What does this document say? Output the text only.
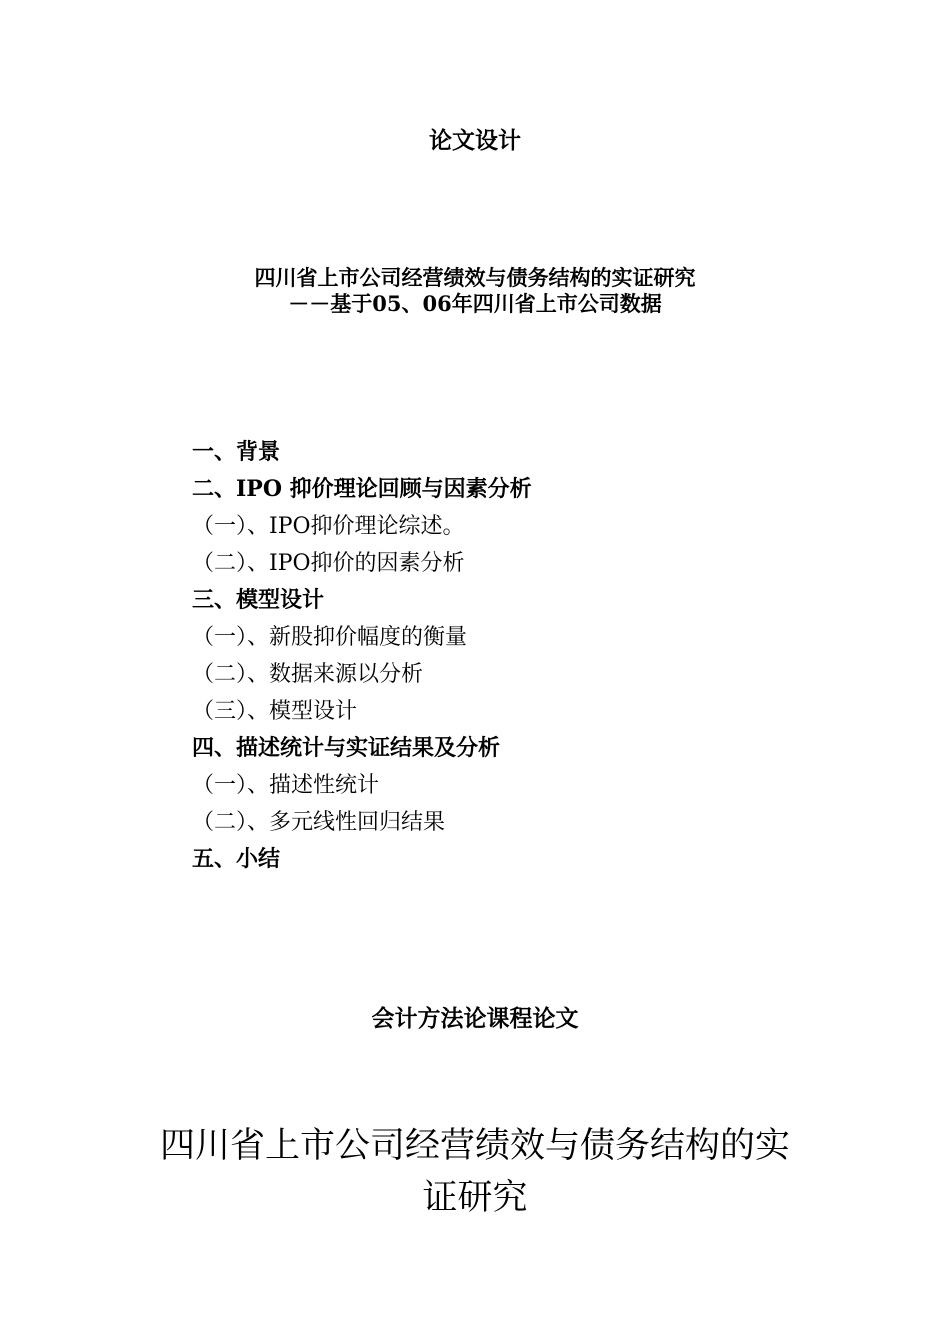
论文设计
四川省上市公司经营绩效与债务结构的实证研究
－－基于05、06年四川省上市公司数据
一、背景
二、IPO 抑价理论回顾与因素分析
（一）、IPO抑价理论综述。
（二）、IPO抑价的因素分析
三、模型设计
（一）、新股抑价幅度的衡量
（二）、数据来源以分析
（三）、模型设计
四、描述统计与实证结果及分析
（一）、描述性统计
（二）、多元线性回归结果
五、小结
会计方法论课程论文
四川省上市公司经营绩效与债务结构的实
证研究
